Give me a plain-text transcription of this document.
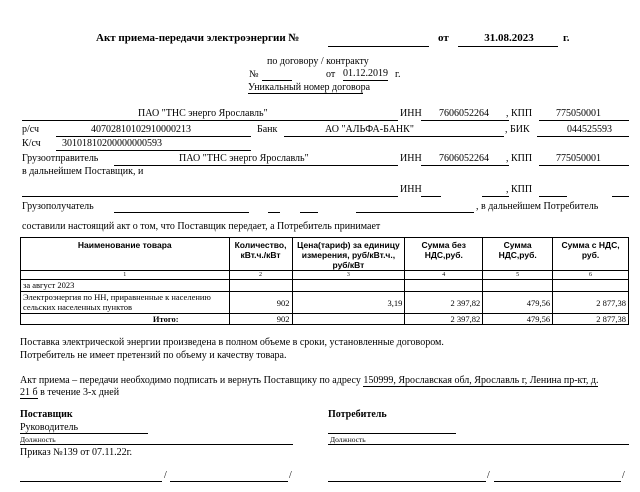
Акт приема-передачи электроэнергии №	от	31.08.2023	г.
по договору / контракту
№	от 01.12.2019 г.
Уникальный номер договора
ПАО "ТНС энерго Ярославль"	ИНН 7606052264 , КПП 775050001
р/сч	40702810102910000213	Банк	АО "АЛЬФА-БАНК"	, БИК	044525593
К/сч 30101810200000000593
Грузоотправитель	ПАО "ТНС энерго Ярославль"	ИНН 7606052264 , КПП 775050001
в дальнейшем Поставщик, и
ИНН	, КПП
Грузополучатель	, в дальнейшем Потребитель
составили настоящий акт о том, что Поставщик передает, а Потребитель принимает
Наименование товара	Количество, кВт.ч./кВт	Цена(тариф) за единицу измерения, руб/кВт.ч., руб/кВт	Сумма без НДС,руб.	Сумма НДС,руб.	Сумма с НДС, руб.
1	2	3	4	5	6
за август 2023					
Электроэнергия по НН, приравненные к населению сельских населенных пунктов	902	3,19	2 397,82	479,56	2 877,38
Итого:	902		2 397,82	479,56	2 877,38
Поставка электрической энергии произведена в полном объеме в сроки, установленные договором.
Потребитель не имеет претензий по объему и качеству товара.
Акт приема – передачи необходимо подписать и вернуть Поставщику по адресу 150999, Ярославская обл, Ярославль г, Ленина пр-кт, д.
21 б в течение 3-х дней
Поставщик
Руководитель
Должность
Приказ №139 от 07.11.22г.
Потребитель
Должность
/	/	/	/
